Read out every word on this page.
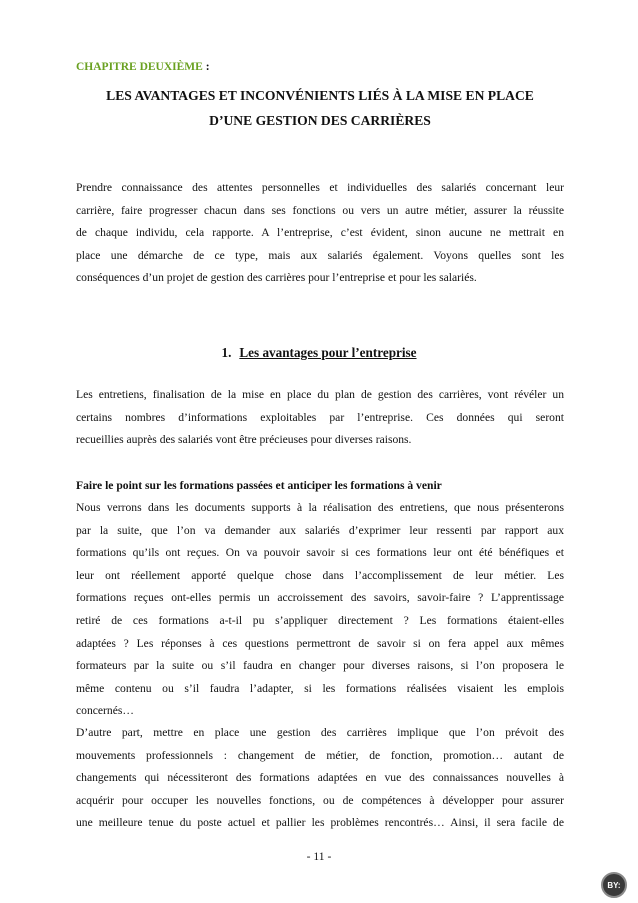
CHAPITRE DEUXIÈME :
LES AVANTAGES ET INCONVÉNIENTS LIÉS À LA MISE EN PLACE
D’UNE GESTION DES CARRIÈRES
Prendre connaissance des attentes personnelles et individuelles des salariés concernant leur
carrière, faire progresser chacun dans ses fonctions ou vers un autre métier, assurer la réussite
de chaque individu, cela rapporte. A l’entreprise, c’est évident, sinon aucune ne mettrait en
place une démarche de ce type, mais aux salariés également. Voyons quelles sont les
conséquences d’un projet de gestion des carrières pour l’entreprise et pour les salariés.
1. Les avantages pour l’entreprise
Les entretiens, finalisation de la mise en place du plan de gestion des carrières, vont révéler un
certains nombres d’informations exploitables par l’entreprise. Ces données qui seront
recueillies auprès des salariés vont être précieuses pour diverses raisons.
Faire le point sur les formations passées et anticiper les formations à venir
Nous verrons dans les documents supports à la réalisation des entretiens, que nous présenterons
par la suite, que l’on va demander aux salariés d’exprimer leur ressenti par rapport aux
formations qu’ils ont reçues. On va pouvoir savoir si ces formations leur ont été bénéfiques et
leur ont réellement apporté quelque chose dans l’accomplissement de leur métier. Les
formations reçues ont-elles permis un accroissement des savoirs, savoir-faire ? L’apprentissage
retiré de ces formations a-t-il pu s’appliquer directement ? Les formations étaient-elles
adaptées ? Les réponses à ces questions permettront de savoir si on fera appel aux mêmes
formateurs par la suite ou s’il faudra en changer pour diverses raisons, si l’on proposera le
même contenu ou s’il faudra l’adapter, si les formations réalisées visaient les emplois
concernés…
D’autre part, mettre en place une gestion des carrières implique que l’on prévoit des
mouvements professionnels : changement de métier, de fonction, promotion… autant de
changements qui nécessiteront des formations adaptées en vue des connaissances nouvelles à
acquérir pour occuper les nouvelles fonctions, ou de compétences à développer pour assurer
une meilleure tenue du poste actuel et pallier les problèmes rencontrés… Ainsi, il sera facile de
- 11 -
BY:
